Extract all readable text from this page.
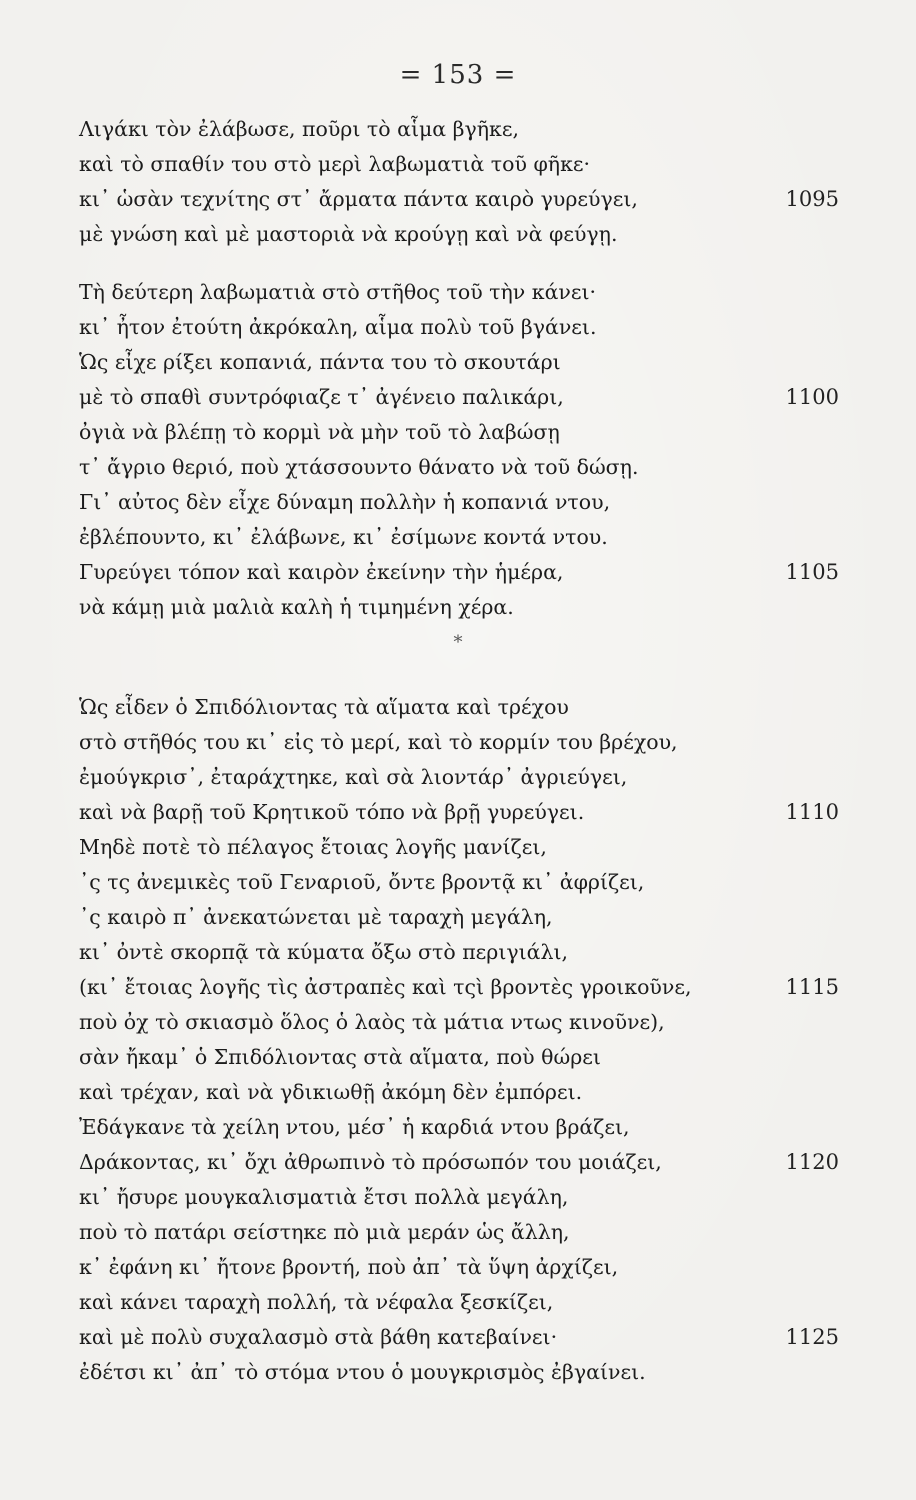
= 153 =
Λιγάκι τὸν ἐλάβωσε, ποῦρι τὸ αἷμα βγῆκε,
καὶ τὸ σπαθίν του στὸ μερὶ λαβωματιὰ τοῦ φῆκε·
κι᾽ ὡσὰν τεχνίτης στ᾽ ἄρματα πάντα καιρὸ γυρεύγει,	1095
μὲ γνώση καὶ μὲ μαστοριὰ νὰ κρούγῃ καὶ νὰ φεύγῃ.
Τὴ δεύτερη λαβωματιὰ στὸ στῆθος τοῦ τὴν κάνει·
κι᾽ ἦτον ἐτούτη ἀκρόκαλη, αἷμα πολὺ τοῦ βγάνει.
Ὡς εἶχε ρίξει κοπανιά, πάντα του τὸ σκουτάρι
μὲ τὸ σπαθὶ συντρόφιαζε τ᾽ ἀγένειο παλικάρι,	1100
ὀγιὰ νὰ βλέπῃ τὸ κορμὶ νὰ μὴν τοῦ τὸ λαβώσῃ
τ᾽ ἄγριο θεριό, ποὺ χτάσσουντο θάνατο νὰ τοῦ δώσῃ.
Γι᾽ αὐτος δὲν εἶχε δύναμη πολλὴν ἡ κοπανιά ντου,
ἐβλέπουντο, κι᾽ ἐλάβωνε, κι᾽ ἐσίμωνε κοντά ντου.
Γυρεύγει τόπον καὶ καιρὸν ἐκείνην τὴν ἡμέρα,	1105
νὰ κάμῃ μιὰ μαλιὰ καλὴ ἡ τιμημένη χέρα.
*
Ὡς εἶδεν ὁ Σπιδόλιοντας τὰ αἵματα καὶ τρέχου
στὸ στῆθός του κι᾽ εἰς τὸ μερί, καὶ τὸ κορμίν του βρέχου,
ἐμούγκρισ᾽, ἐταράχτηκε, καὶ σὰ λιοντάρ᾽ ἀγριεύγει,
καὶ νὰ βαρῇ τοῦ Κρητικοῦ τόπο νὰ βρῇ γυρεύγει.	1110
Μηδὲ ποτὲ τὸ πέλαγος ἔτοιας λογῆς μανίζει,
᾽ς τς ἀνεμικὲς τοῦ Γεναριοῦ, ὄντε βροντᾷ κι᾽ ἀφρίζει,
᾽ς καιρὸ π᾽ ἀνεκατώνεται μὲ ταραχὴ μεγάλη,
κι᾽ ὀντὲ σκορπᾷ τὰ κύματα ὄξω στὸ περιγιάλι,
(κι᾽ ἔτοιας λογῆς τὶς ἀστραπὲς καὶ τςὶ βροντὲς γροικοῦνε,	1115
ποὺ ὀχ τὸ σκιασμὸ ὅλος ὁ λαὸς τὰ μάτια ντως κινοῦνε),
σὰν ἤκαμ᾽ ὁ Σπιδόλιοντας στὰ αἵματα, ποὺ θώρει
καὶ τρέχαν, καὶ νὰ γδικιωθῇ ἀκόμη δὲν ἐμπόρει.
Ἐδάγκανε τὰ χείλη ντου, μέσ᾽ ἡ καρδιά ντου βράζει,
Δράκοντας, κι᾽ ὄχι ἀθρωπινὸ τὸ πρόσωπόν του μοιάζει,	1120
κι᾽ ἤσυρε μουγκαλισματιὰ ἔτσι πολλὰ μεγάλη,
ποὺ τὸ πατάρι σείστηκε πὸ μιὰ μεράν ὡς ἄλλη,
κ᾽ ἐφάνη κι᾽ ἤτονε βροντή, ποὺ ἀπ᾽ τὰ ὕψη ἀρχίζει,
καὶ κάνει ταραχὴ πολλή, τὰ νέφαλα ξεσκίζει,
καὶ μὲ πολὺ συχαλασμὸ στὰ βάθη κατεβαίνει·	1125
ἐδέτσι κι᾽ ἀπ᾽ τὸ στόμα ντου ὁ μουγκρισμὸς ἐβγαίνει.
